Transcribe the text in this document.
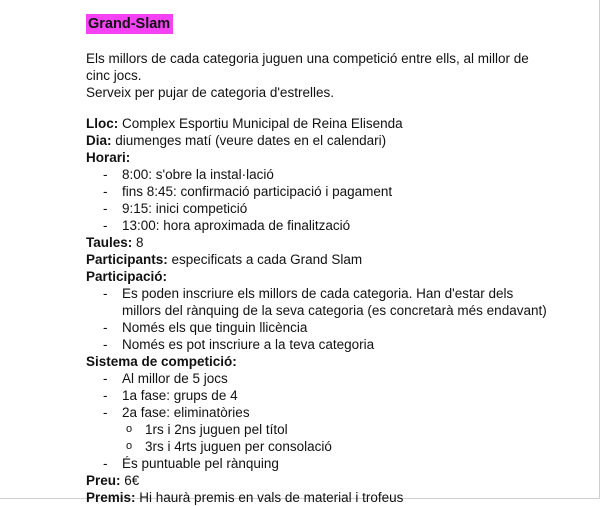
Grand-Slam

Els millors de cada categoria juguen una competició entre ells, al millor de cinc jocs.

Serveix per pujar de categoria d'estrelles.

Lloc: Complex Esportiu Municipal de Reina Elisenda

Dia: diumenges matí (veure dates en el calendari)

Horari:

- 8:00: s'obre la instal·lació
- fins 8:45: confirmació participació i pagament
- 9:15: inici competició
- 13:00: hora aproximada de finalització

Taules: 8

Participants: especificats a cada Grand Slam

Participació:

- Es poden inscriure els millors de cada categoria. Han d'estar dels millors del rànquing de la seva categoria (es concretarà més endavant)
- Només els que tinguin llicència
- Només es pot inscriure a la teva categoria

Sistema de competició:

- Al millor de 5 jocs
- 1a fase: grups de 4
- 2a fase: eliminatòries
o 1rs i 2ns juguen pel títol
o 3rs i 4rts juguen per consolació
- És puntuable pel rànquing

Preu: 6€

Premis: Hi haurà premis en vals de material i trofeus
